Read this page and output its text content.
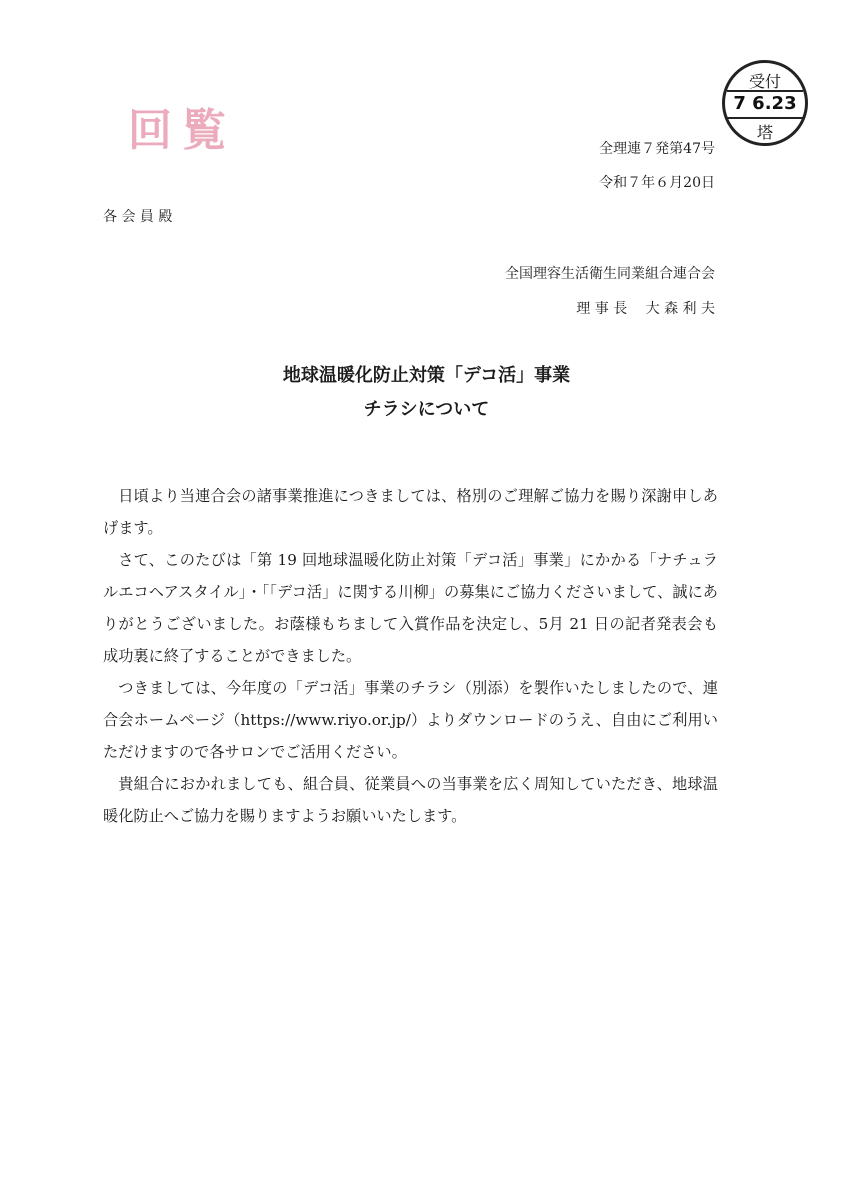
回覧
受付
7 6.23
塔
全理連７発第47号
令和７年６月20日
各 会 員 殿
全国理容生活衛生同業組合連合会
理 事 長　 大 森 利 夫
地球温暖化防止対策「デコ活」事業
チラシについて

日頃より当連合会の諸事業推進につきましては、格別のご理解ご協力を賜り深謝申しあげます。

さて、このたびは「第 19 回地球温暖化防止対策「デコ活」事業」にかかる「ナチュラルエコヘアスタイル」・「「デコ活」に関する川柳」の募集にご協力くださいまして、誠にありがとうございました。お蔭様もちまして入賞作品を決定し、5月 21 日の記者発表会も成功裏に終了することができました。

つきましては、今年度の「デコ活」事業のチラシ（別添）を製作いたしましたので、連合会ホームページ（https://www.riyo.or.jp/）よりダウンロードのうえ、自由にご利用いただけますので各サロンでご活用ください。

貴組合におかれましても、組合員、従業員への当事業を広く周知していただき、地球温暖化防止へご協力を賜りますようお願いいたします。
